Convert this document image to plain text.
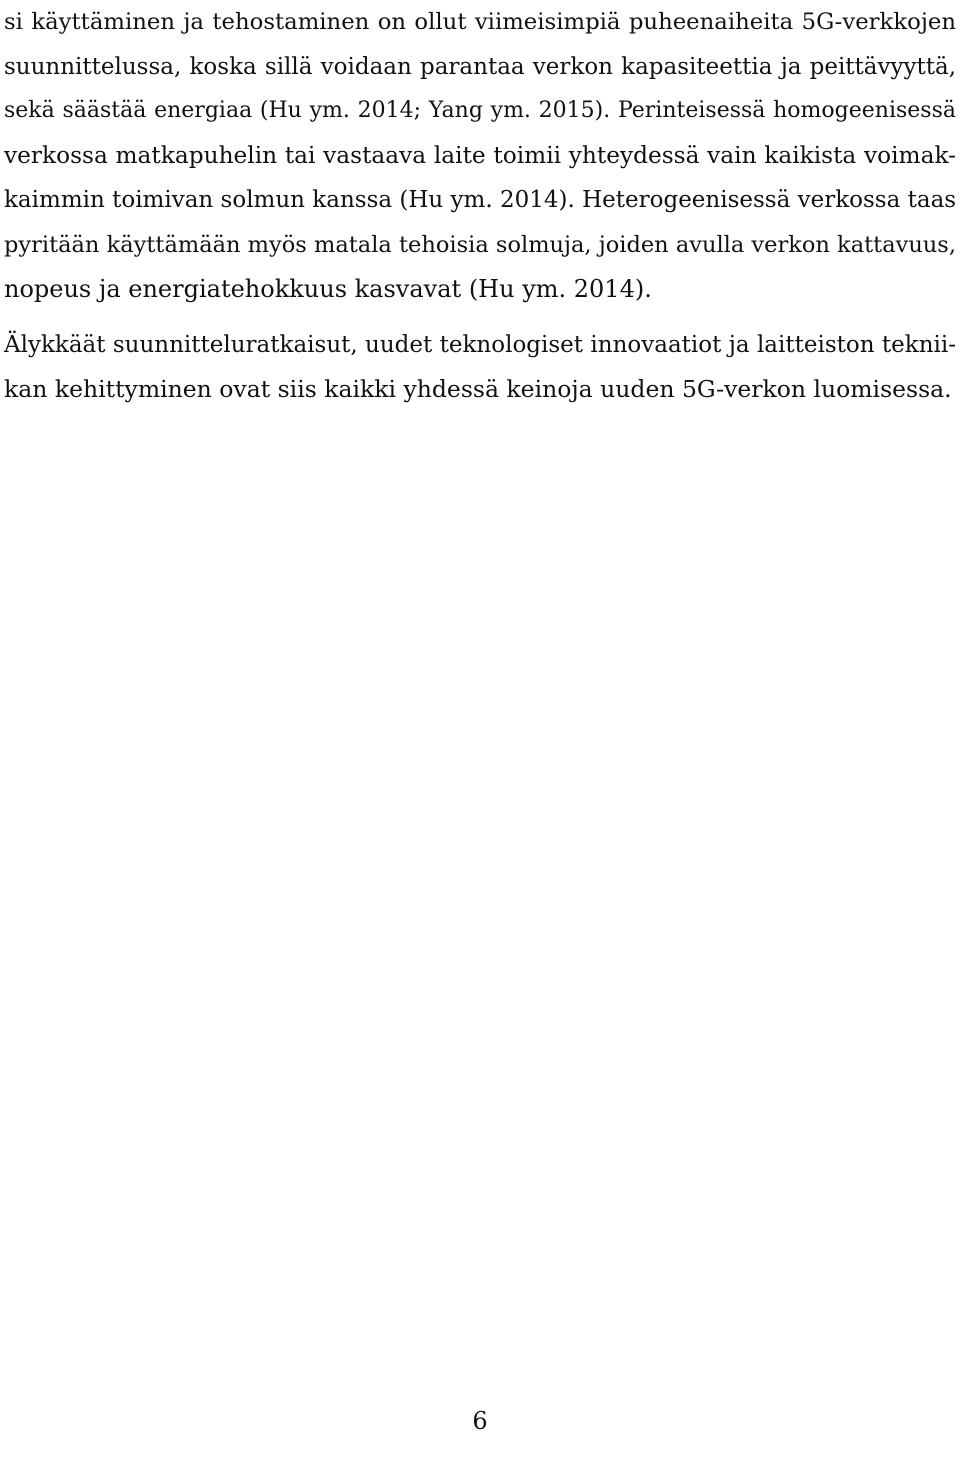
si käyttäminen ja tehostaminen on ollut viimeisimpiä puheenaiheita 5G-verkkojen
suunnittelussa, koska sillä voidaan parantaa verkon kapasiteettia ja peittävyyttä,
sekä säästää energiaa (Hu ym. 2014; Yang ym. 2015). Perinteisessä homogeenisessä
verkossa matkapuhelin tai vastaava laite toimii yhteydessä vain kaikista voimak-
kaimmin toimivan solmun kanssa (Hu ym. 2014). Heterogeenisessä verkossa taas
pyritään käyttämään myös matala tehoisia solmuja, joiden avulla verkon kattavuus,
nopeus ja energiatehokkuus kasvavat (Hu ym. 2014).
Älykkäät suunnitteluratkaisut, uudet teknologiset innovaatiot ja laitteiston teknii-
kan kehittyminen ovat siis kaikki yhdessä keinoja uuden 5G-verkon luomisessa.
6
